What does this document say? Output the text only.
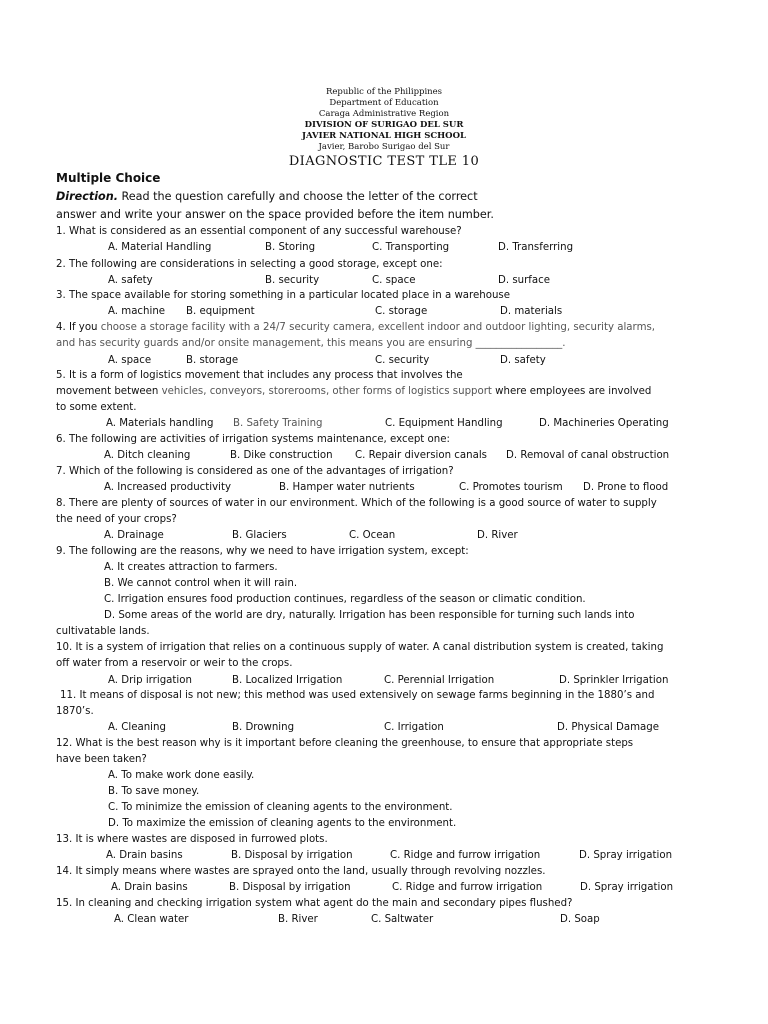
Republic of the Philippines
Department of Education
Caraga Administrative Region
DIVISION OF SURIGAO DEL SUR
JAVIER NATIONAL HIGH SCHOOL
Javier, Barobo Surigao del Sur
DIAGNOSTIC TEST TLE 10
Multiple Choice
Direction. Read the question carefully and choose the letter of the correct
answer and write your answer on the space provided before the item number.
1. What is considered as an essential component of any successful warehouse?
A. Material Handling	B. Storing	C. Transporting	D. Transferring
2. The following are considerations in selecting a good storage, except one:
A. safety	B. security	C. space	D. surface
3. The space available for storing something in a particular located place in a warehouse
A. machine B. equipment	C. storage	D. materials
4. If you choose a storage facility with a 24/7 security camera, excellent indoor and outdoor lighting, security alarms,
and has security guards and/or onsite management, this means you are ensuring _________________.
A. space	B. storage	C. security	D. safety
5. It is a form of logistics movement that includes any process that involves the
movement between vehicles, conveyors, storerooms, other forms of logistics support where employees are involved
to some extent.
A. Materials handling B. Safety Training	C. Equipment Handling	D. Machineries Operating
6. The following are activities of irrigation systems maintenance, except one:
A. Ditch cleaning	B. Dike construction C. Repair diversion canals D. Removal of canal obstruction
7. Which of the following is considered as one of the advantages of irrigation?
A. Increased productivity	B. Hamper water nutrients	C. Promotes tourism D. Prone to flood
8. There are plenty of sources of water in our environment. Which of the following is a good source of water to supply
the need of your crops?
A. Drainage	B. Glaciers	C. Ocean	D. River
9. The following are the reasons, why we need to have irrigation system, except:
A. It creates attraction to farmers.
B. We cannot control when it will rain.
C. Irrigation ensures food production continues, regardless of the season or climatic condition.
D. Some areas of the world are dry, naturally. Irrigation has been responsible for turning such lands into
cultivatable lands.
10. It is a system of irrigation that relies on a continuous supply of water. A canal distribution system is created, taking
off water from a reservoir or weir to the crops.
A. Drip irrigation	B. Localized Irrigation	C. Perennial Irrigation	D. Sprinkler Irrigation
11. It means of disposal is not new; this method was used extensively on sewage farms beginning in the 1880’s and
1870’s.
A. Cleaning	B. Drowning	C. Irrigation	D. Physical Damage
12. What is the best reason why is it important before cleaning the greenhouse, to ensure that appropriate steps
have been taken?
A. To make work done easily.
B. To save money.
C. To minimize the emission of cleaning agents to the environment.
D. To maximize the emission of cleaning agents to the environment.
13. It is where wastes are disposed in furrowed plots.
A. Drain basins	B. Disposal by irrigation	C. Ridge and furrow irrigation	D. Spray irrigation
14. It simply means where wastes are sprayed onto the land, usually through revolving nozzles.
A. Drain basins	B. Disposal by irrigation	C. Ridge and furrow irrigation	D. Spray irrigation
15. In cleaning and checking irrigation system what agent do the main and secondary pipes flushed?
A. Clean water	B. River	C. Saltwater	D. Soap
